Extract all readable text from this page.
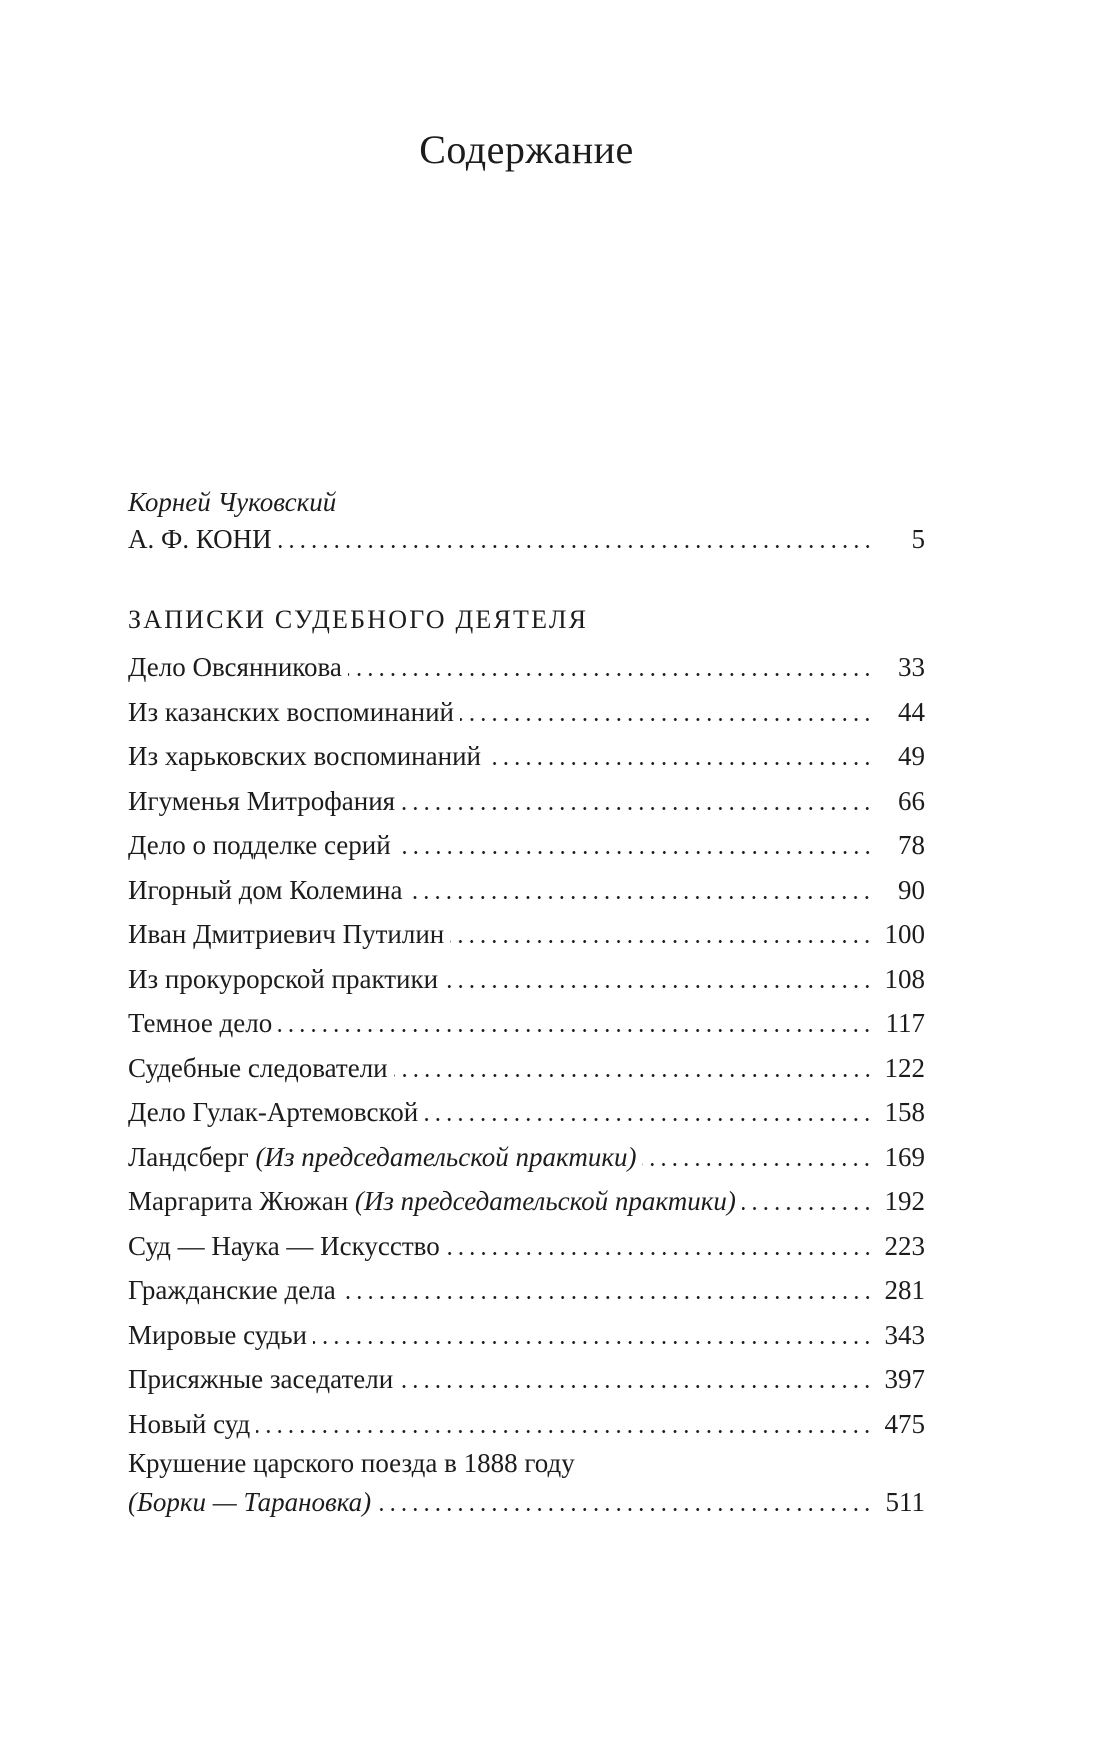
Содержание
Корней Чуковский
А. Ф. КОНИ	5
ЗАПИСКИ СУДЕБНОГО ДЕЯТЕЛЯ
Дело Овсянникова	33
Из казанских воспоминаний	44
Из харьковских воспоминаний	49
Игуменья Митрофания	66
Дело о подделке серий	78
Игорный дом Колемина	90
Иван Дмитриевич Путилин	100
Из прокурорской практики	108
Темное дело	117
Судебные следователи	122
Дело Гулак-Артемовской	158
Ландсберг (Из председательской практики)	169
Маргарита Жюжан (Из председательской практики)	192
Суд — Наука — Искусство	223
Гражданские дела	281
Мировые судьи	343
Присяжные заседатели	397
Новый суд	475
Крушение царского поезда в 1888 году
(Борки — Тарановка)	511
